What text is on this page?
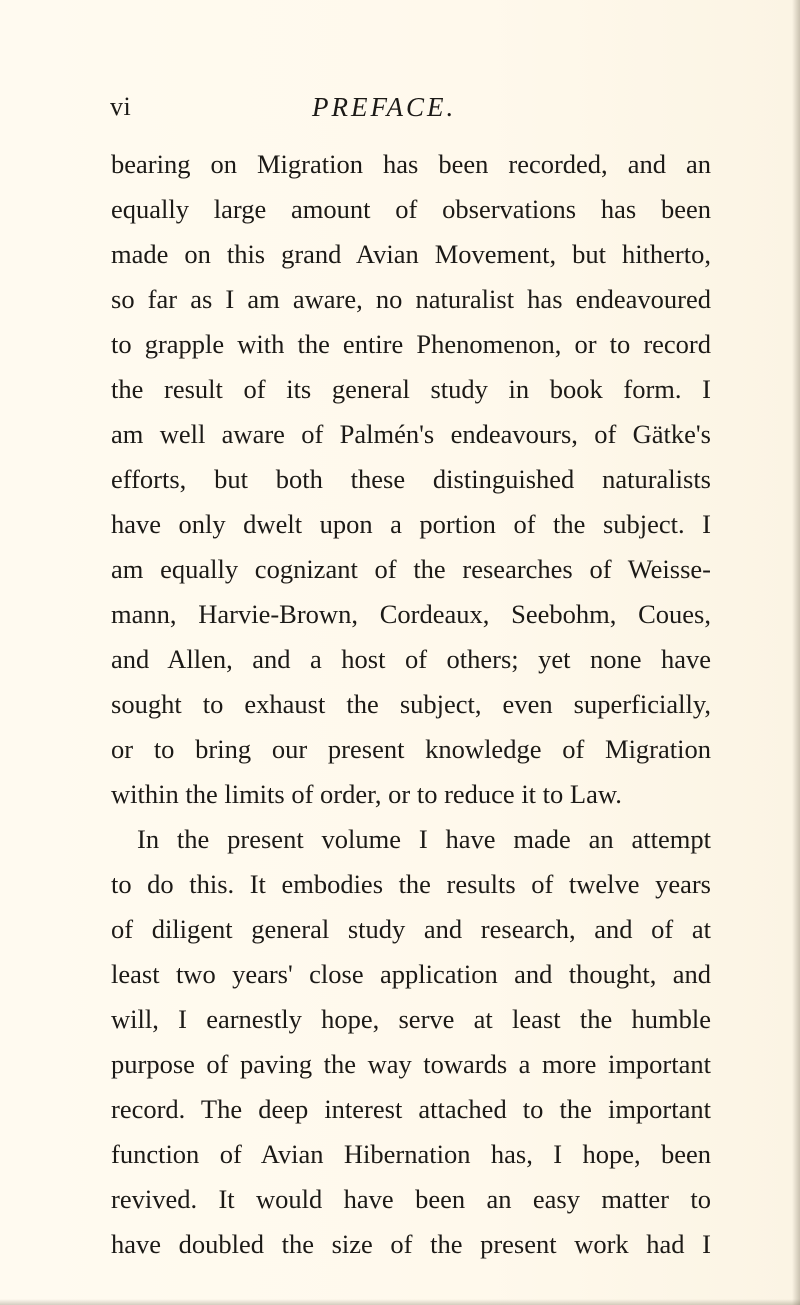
vi	PREFACE.
bearing on Migration has been recorded, and an
equally large amount of observations has been
made on this grand Avian Movement, but hitherto,
so far as I am aware, no naturalist has endeavoured
to grapple with the entire Phenomenon, or to record
the result of its general study in book form. I
am well aware of Palmén's endeavours, of Gätke's
efforts, but both these distinguished naturalists
have only dwelt upon a portion of the subject. I
am equally cognizant of the researches of Weisse-
mann, Harvie-Brown, Cordeaux, Seebohm, Coues,
and Allen, and a host of others; yet none have
sought to exhaust the subject, even superficially,
or to bring our present knowledge of Migration
within the limits of order, or to reduce it to Law.
In the present volume I have made an attempt
to do this. It embodies the results of twelve years
of diligent general study and research, and of at
least two years' close application and thought, and
will, I earnestly hope, serve at least the humble
purpose of paving the way towards a more important
record. The deep interest attached to the important
function of Avian Hibernation has, I hope, been
revived. It would have been an easy matter to
have doubled the size of the present work had I
